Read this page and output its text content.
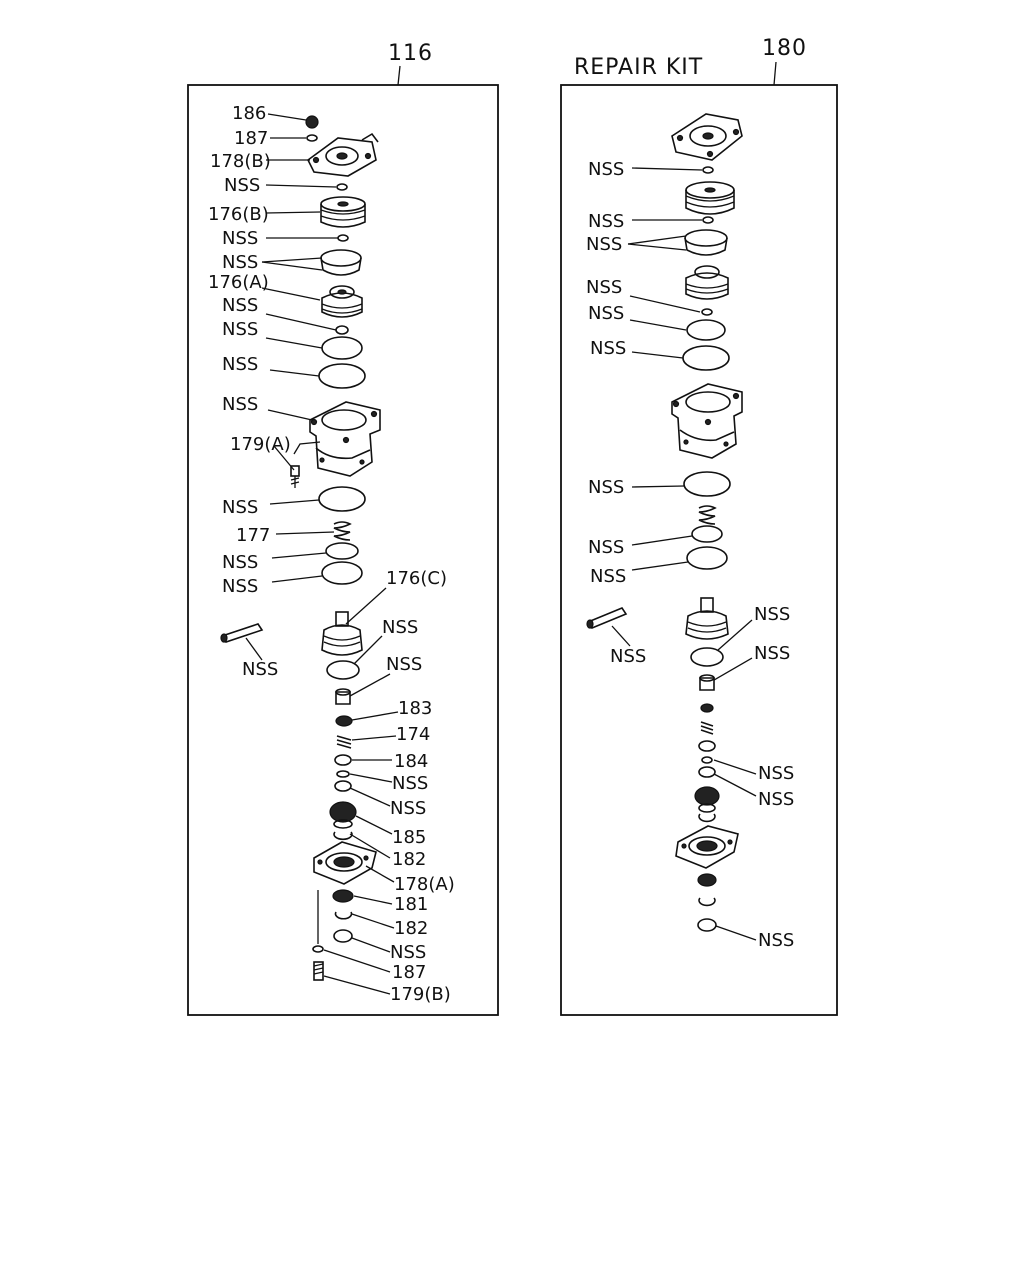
116
186
187
178(B)
NSS
176(B)
NSS
NSS
176(A)
NSS
NSS
NSS
NSS
179(A)
NSS
177
NSS
NSS	176(C)
NSS
NSS
NSS
183
174
184
NSS
NSS
185
182
178(A)
181
182
NSS
187
179(B)
REPAIR KIT
180
NSS
NSS
NSS
NSS
NSS
NSS
NSS
NSS
NSS
NSS
NSS
NSS
NSS
NSS
NSS
